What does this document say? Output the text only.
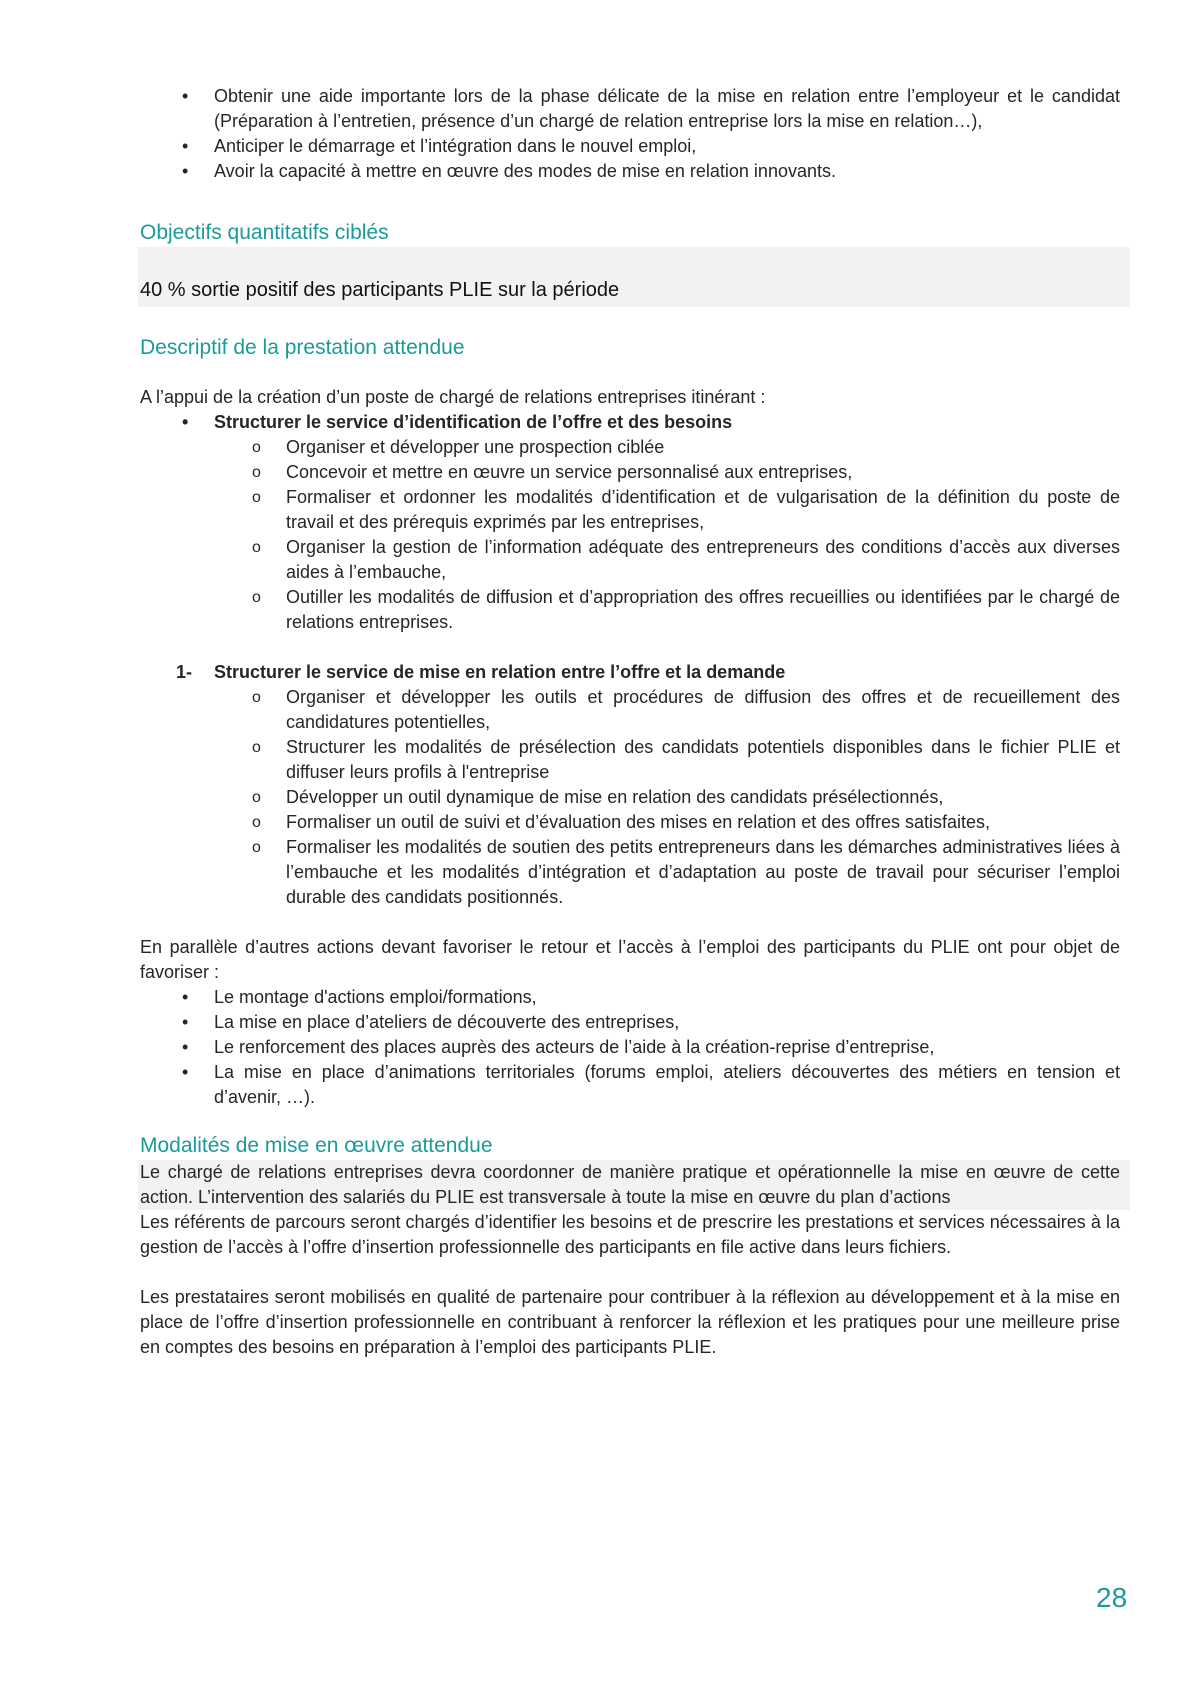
• Obtenir une aide importante lors de la phase délicate de la mise en relation entre l’employeur et le candidat (Préparation à l’entretien, présence d’un chargé de relation entreprise lors la mise en relation…),
• Anticiper le démarrage et l’intégration dans le nouvel emploi,
• Avoir la capacité à mettre en œuvre des modes de mise en relation innovants.
Objectifs quantitatifs ciblés
40 % sortie positif des participants PLIE sur la période
Descriptif de la prestation attendue

A l’appui de la création d’un poste de chargé de relations entreprises itinérant :

• Structurer le service d’identification de l’offre et des besoins
o Organiser et développer une prospection ciblée
o Concevoir et mettre en œuvre un service personnalisé aux entreprises,
o Formaliser et ordonner les modalités d’identification et de vulgarisation de la définition du poste de travail et des prérequis exprimés par les entreprises,
o Organiser la gestion de l’information adéquate des entrepreneurs des conditions d’accès aux diverses aides à l’embauche,
o Outiller les modalités de diffusion et d’appropriation des offres recueillies ou identifiées par le chargé de relations entreprises.
1- Structurer le service de mise en relation entre l’offre et la demande
o Organiser et développer les outils et procédures de diffusion des offres et de recueillement des candidatures potentielles,
o Structurer les modalités de présélection des candidats potentiels disponibles dans le fichier PLIE et diffuser leurs profils à l'entreprise
o Développer un outil dynamique de mise en relation des candidats présélectionnés,
o Formaliser un outil de suivi et d’évaluation des mises en relation et des offres satisfaites,
o Formaliser les modalités de soutien des petits entrepreneurs dans les démarches administratives liées à l’embauche et les modalités d’intégration et d’adaptation au poste de travail pour sécuriser l’emploi durable des candidats positionnés.

En parallèle d’autres actions devant favoriser le retour et l’accès à l’emploi des participants du PLIE ont pour objet de favoriser :

• Le montage d'actions emploi/formations,
• La mise en place d’ateliers de découverte des entreprises,
• Le renforcement des places auprès des acteurs de l’aide à la création-reprise d’entreprise,
• La mise en place d’animations territoriales (forums emploi, ateliers découvertes des métiers en tension et d’avenir, …).
Modalités de mise en œuvre attendue

Le chargé de relations entreprises devra coordonner de manière pratique et opérationnelle la mise en œuvre de cette action. L’intervention des salariés du PLIE est transversale à toute la mise en œuvre du plan d’actions

Les référents de parcours seront chargés d’identifier les besoins et de prescrire les prestations et services nécessaires à la gestion de l’accès à l’offre d’insertion professionnelle des participants en file active dans leurs fichiers.

Les prestataires seront mobilisés en qualité de partenaire pour contribuer à la réflexion au développement et à la mise en place de l’offre d’insertion professionnelle en contribuant à renforcer la réflexion et les pratiques pour une meilleure prise en comptes des besoins en préparation à l’emploi des participants PLIE.

28
